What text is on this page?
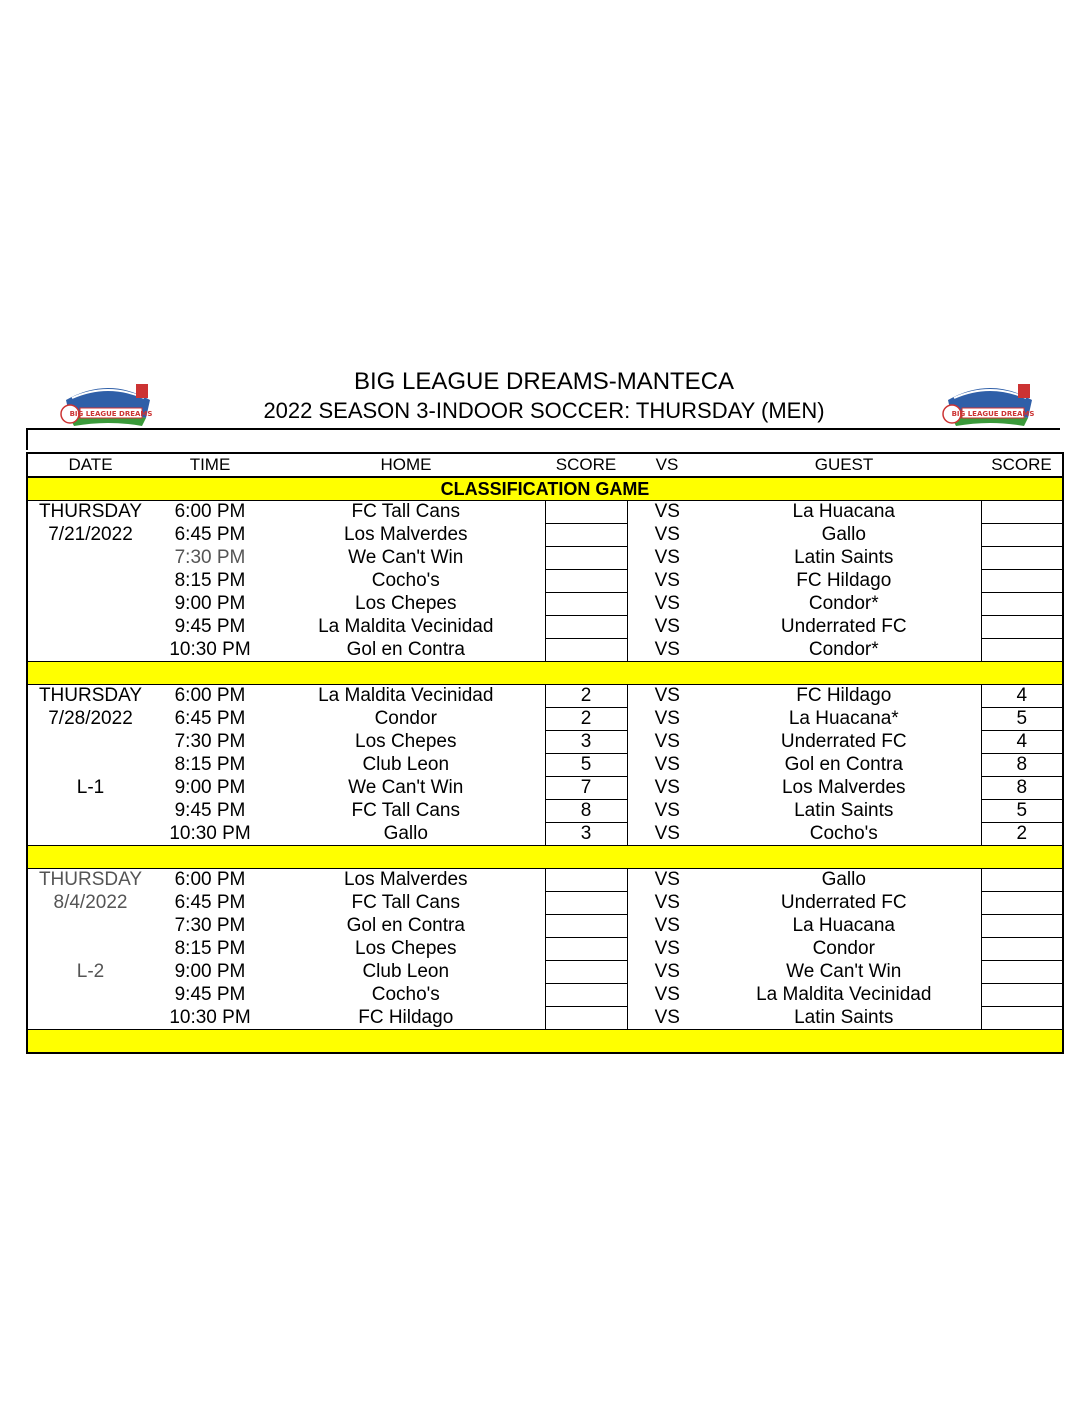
BIG LEAGUE DREAMS-MANTECA
2022 SEASON 3-INDOOR SOCCER: THURSDAY (MEN)
BIG LEAGUE DREAMS	BIG LEAGUE DREAMS
DATE	TIME	HOME	SCORE	VS	GUEST	SCORE
CLASSIFICATION GAME						
THURSDAY	6:00 PM	FC Tall Cans		VS	La Huacana	
7/21/2022	6:45 PM	Los Malverdes		VS	Gallo	
	7:30 PM	We Can't Win		VS	Latin Saints	
	8:15 PM	Cocho's		VS	FC Hildago	
	9:00 PM	Los Chepes		VS	Condor*	
	9:45 PM	La Maldita Vecinidad		VS	Underrated FC	
	10:30 PM	Gol en Contra		VS	Condor*	

THURSDAY	6:00 PM	La Maldita Vecinidad	2	VS	FC Hildago	4
7/28/2022	6:45 PM	Condor	2	VS	La Huacana*	5
	7:30 PM	Los Chepes	3	VS	Underrated FC	4
	8:15 PM	Club Leon	5	VS	Gol en Contra	8
L-1	9:00 PM	We Can't Win	7	VS	Los Malverdes	8
	9:45 PM	FC Tall Cans	8	VS	Latin Saints	5
	10:30 PM	Gallo	3	VS	Cocho's	2

THURSDAY	6:00 PM	Los Malverdes		VS	Gallo	
8/4/2022	6:45 PM	FC Tall Cans		VS	Underrated FC	
	7:30 PM	Gol en Contra		VS	La Huacana	
	8:15 PM	Los Chepes		VS	Condor	
L-2	9:00 PM	Club Leon		VS	We Can't Win	
	9:45 PM	Cocho's		VS	La Maldita Vecinidad	
	10:30 PM	FC Hildago		VS	Latin Saints	
